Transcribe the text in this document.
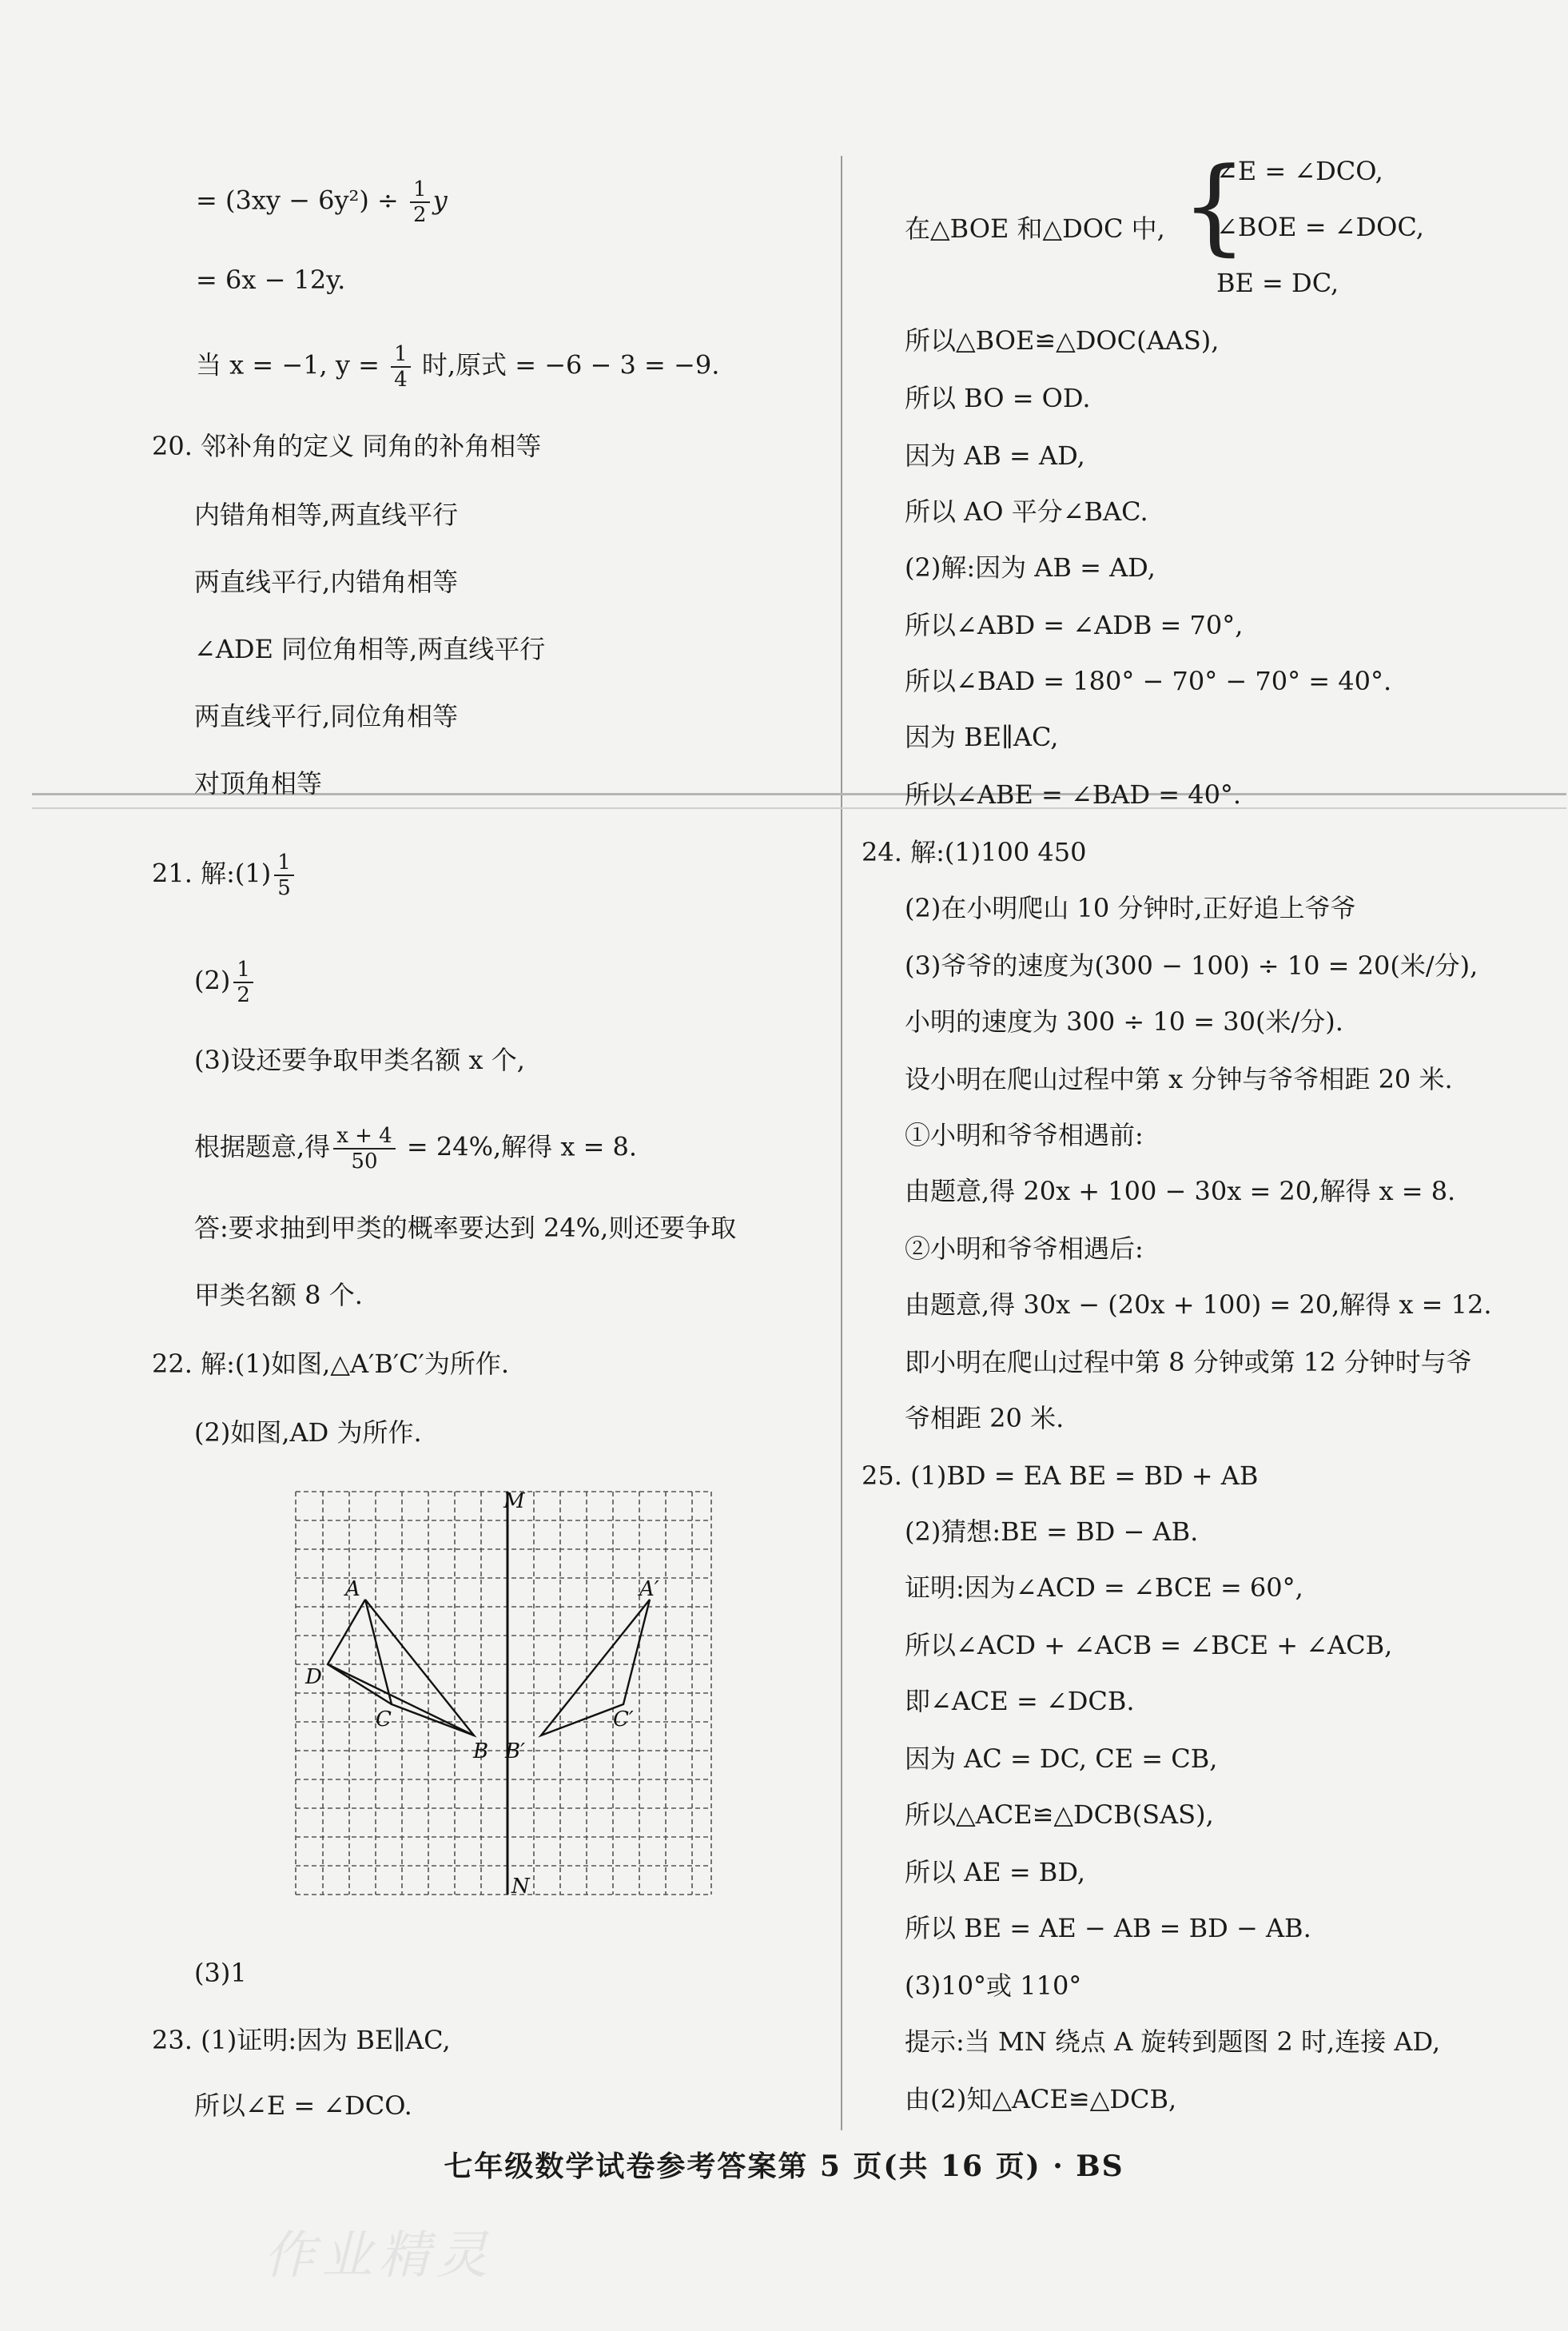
= $(3xy - 6y^2) \div \frac{1}{2}$ y
= 6x − 12y.
当 x = −1, $y = \frac{1}{4}$ 时,原式 = −6 − 3 = −9.
20. 邻补角的定义 同角的补角相等
内错角相等,两直线平行
两直线平行,内错角相等
∠ADE 同位角相等,两直线平行
两直线平行,同位角相等
对顶角相等
21. 解:(1) $\frac{1}{5}$
$(2) \frac{1}{2}$
(3)设还要争取甲类名额 x 个,
根据题意,得 $\frac{x + 4}{50} = 24\%$,解得 x = 8.
答:要求抽到甲类的概率要达到 24%,则还要争取
甲类名额 8 个.
22. 解:(1)如图,△A′B′C′为所作.
(2)如图,AD 为所作.
M
N
A	A′
D
C	C′
B B′
(3)1
23. (1)证明:因为 BE∥AC,
所以∠E = ∠DCO.
在△BOE 和△DOC 中, {
∠E = ∠DCO,
∠BOE = ∠DOC,
BE = DC,
所以△BOE≌△DOC(AAS),
所以 BO = OD.
因为 AB = AD,
所以 AO 平分∠BAC.
(2)解:因为 AB = AD,
所以∠ABD = ∠ADB = 70°,
所以∠BAD = 180° − 70° − 70° = 40°.
因为 BE∥AC,
所以∠ABE = ∠BAD = 40°.
24. 解:(1)100 450
(2)在小明爬山 10 分钟时,正好追上爷爷
(3)爷爷的速度为(300 − 100) ÷ 10 = 20(米/分),
小明的速度为 300 ÷ 10 = 30(米/分).
设小明在爬山过程中第 x 分钟与爷爷相距 20 米.
①小明和爷爷相遇前:
由题意,得 20x + 100 − 30x = 20,解得 x = 8.
②小明和爷爷相遇后:
由题意,得 30x − (20x + 100) = 20,解得 x = 12.
即小明在爬山过程中第 8 分钟或第 12 分钟时与爷
爷相距 20 米.
25. (1)BD = EA BE = BD + AB
(2)猜想:BE = BD − AB.
证明:因为∠ACD = ∠BCE = 60°,
所以∠ACD + ∠ACB = ∠BCE + ∠ACB,
即∠ACE = ∠DCB.
因为 AC = DC, CE = CB,
所以△ACE≌△DCB(SAS),
所以 AE = BD,
所以 BE = AE − AB = BD − AB.
(3)10°或 110°
提示:当 MN 绕点 A 旋转到题图 2 时,连接 AD,
由(2)知△ACE≌△DCB,
七年级数学试卷参考答案第 5 页(共 16 页) · BS
作业精灵
